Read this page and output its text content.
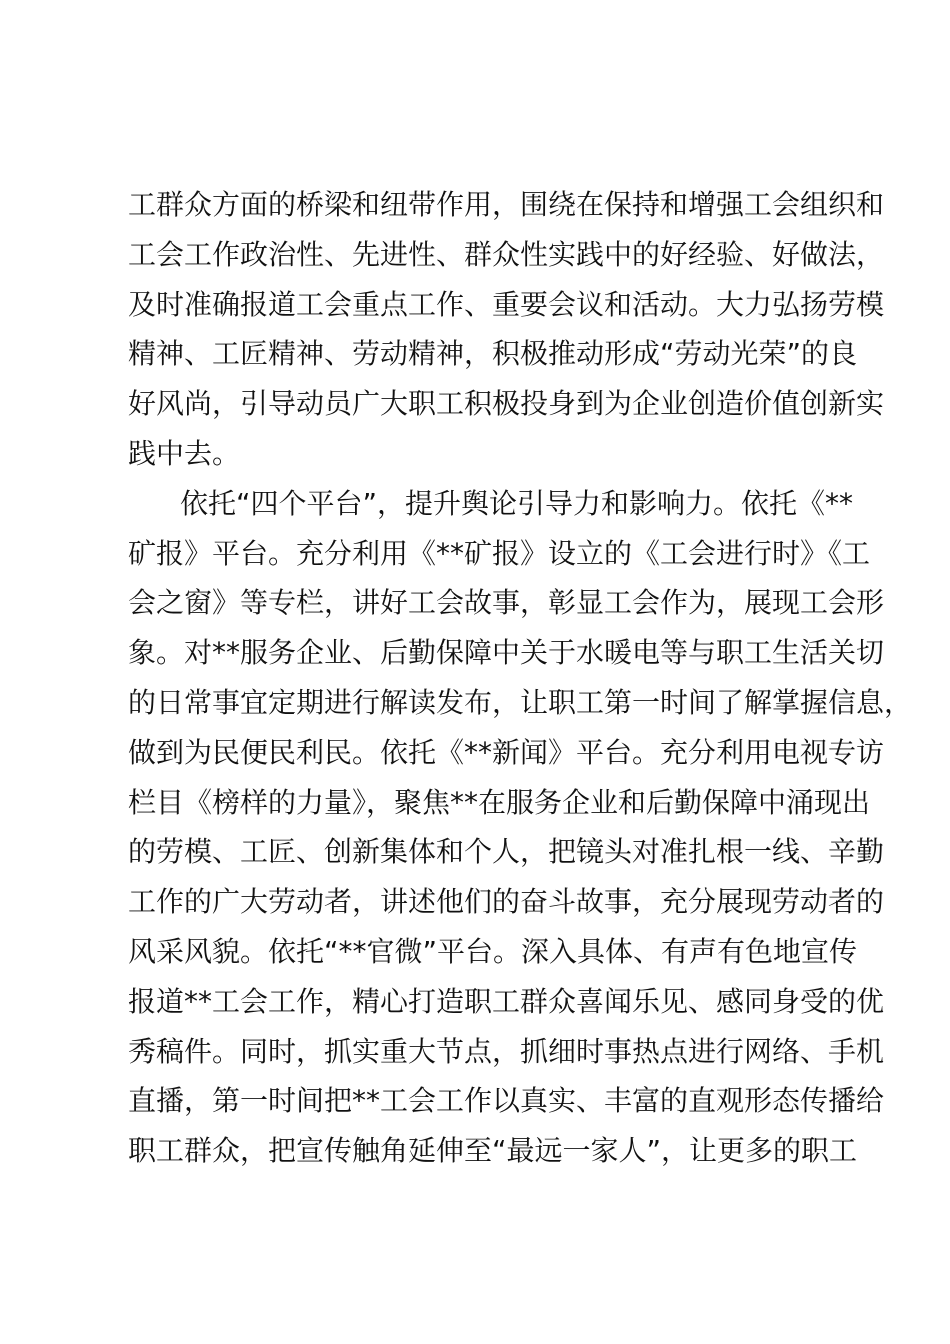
工群众方面的桥梁和纽带作用，围绕在保持和增强工会组织和
工会工作政治性、先进性、群众性实践中的好经验、好做法，
及时准确报道工会重点工作、重要会议和活动。大力弘扬劳模
精神、工匠精神、劳动精神，积极推动形成“劳动光荣”的良
好风尚，引导动员广大职工积极投身到为企业创造价值创新实
践中去。
依托“四个平台”，提升舆论引导力和影响力。依托《**
矿报》平台。充分利用《**矿报》设立的《工会进行时》《工
会之窗》等专栏，讲好工会故事，彰显工会作为，展现工会形
象。对**服务企业、后勤保障中关于水暖电等与职工生活关切
的日常事宜定期进行解读发布，让职工第一时间了解掌握信息，
做到为民便民利民。依托《**新闻》平台。充分利用电视专访
栏目《榜样的力量》，聚焦**在服务企业和后勤保障中涌现出
的劳模、工匠、创新集体和个人，把镜头对准扎根一线、辛勤
工作的广大劳动者，讲述他们的奋斗故事，充分展现劳动者的
风采风貌。依托“**官微”平台。深入具体、有声有色地宣传
报道**工会工作，精心打造职工群众喜闻乐见、感同身受的优
秀稿件。同时，抓实重大节点，抓细时事热点进行网络、手机
直播，第一时间把**工会工作以真实、丰富的直观形态传播给
职工群众，把宣传触角延伸至“最远一家人”，让更多的职工
